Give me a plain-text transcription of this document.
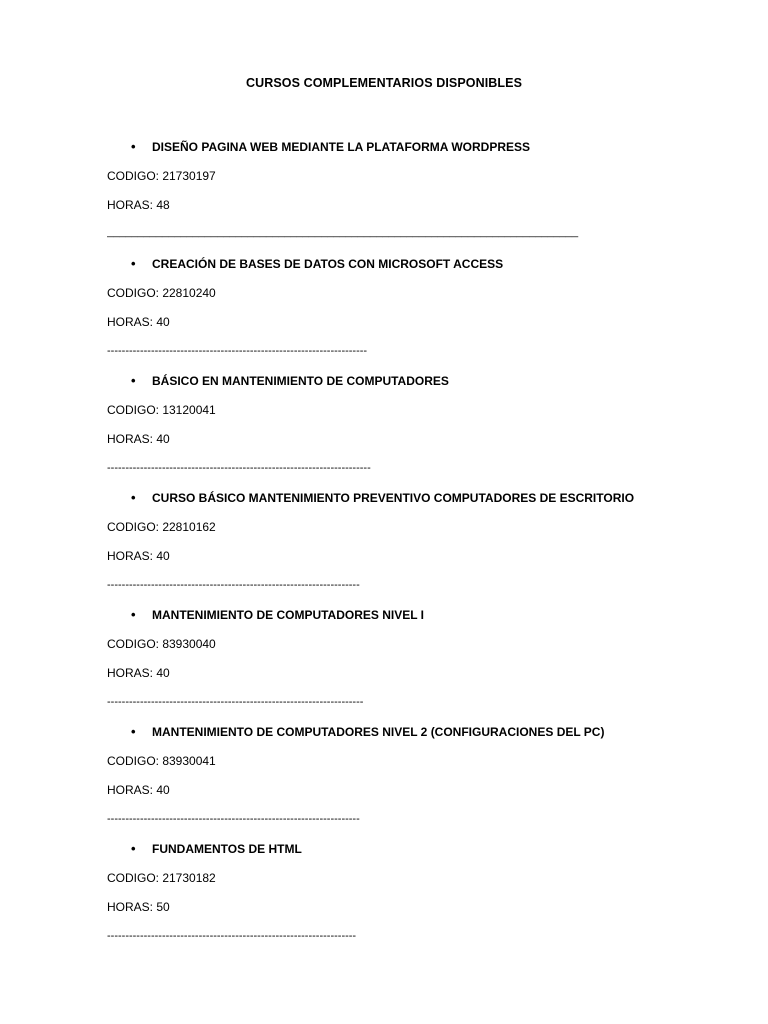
CURSOS COMPLEMENTARIOS DISPONIBLES
• DISEÑO PAGINA WEB MEDIANTE LA PLATAFORMA WORDPRESS
CODIGO: 21730197
HORAS: 48
_____________________________________________________________________________
• CREACIÓN DE BASES DE DATOS CON MICROSOFT ACCESS
CODIGO: 22810240
HORAS: 40
-----------------------------------------------------------------------
• BÁSICO EN MANTENIMIENTO DE COMPUTADORES
CODIGO: 13120041
HORAS: 40
------------------------------------------------------------------------
• CURSO BÁSICO MANTENIMIENTO PREVENTIVO COMPUTADORES DE ESCRITORIO
CODIGO: 22810162
HORAS: 40
---------------------------------------------------------------------
• MANTENIMIENTO DE COMPUTADORES NIVEL I
CODIGO: 83930040
HORAS: 40
----------------------------------------------------------------------
• MANTENIMIENTO DE COMPUTADORES NIVEL 2 (CONFIGURACIONES DEL PC)
CODIGO: 83930041
HORAS: 40
---------------------------------------------------------------------
• FUNDAMENTOS DE HTML
CODIGO: 21730182
HORAS: 50
--------------------------------------------------------------------
